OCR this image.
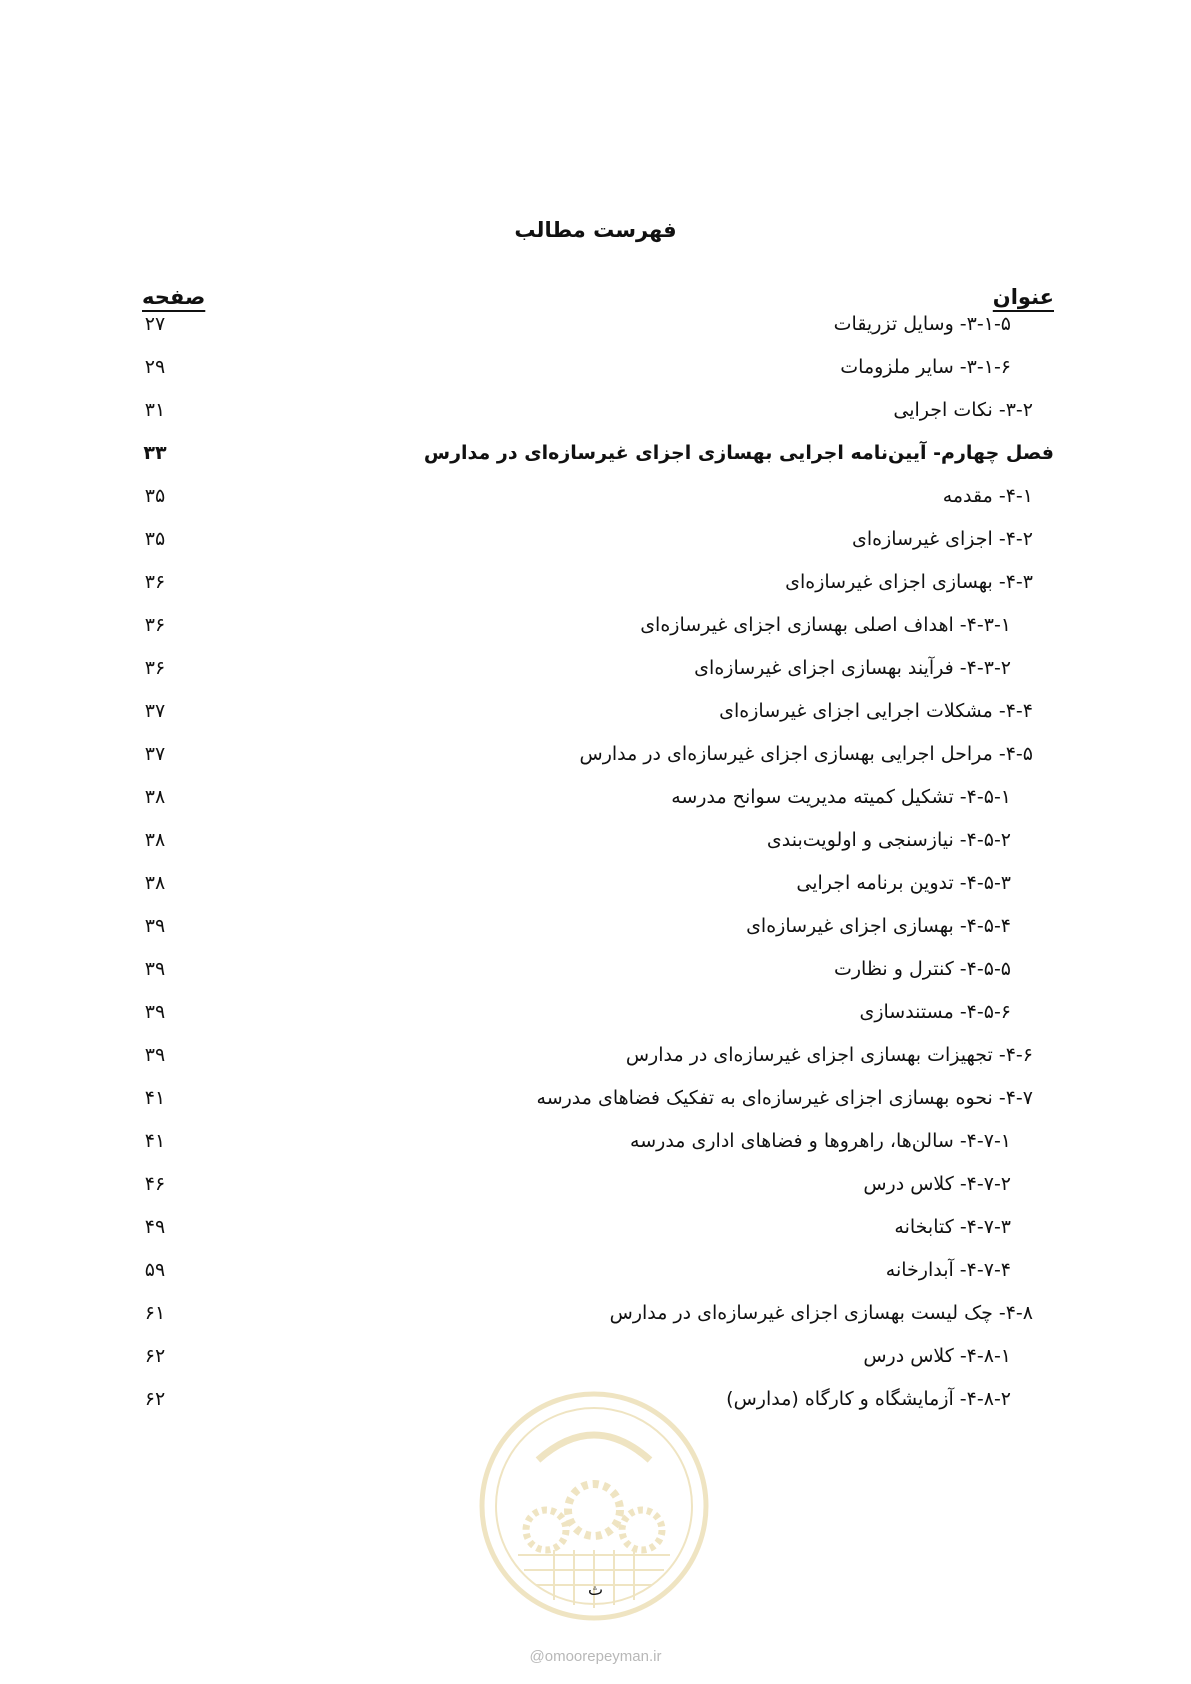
فهرست مطالب
عنوان
صفحه
۳-۱-۵- وسایل تزریقات
۲۷
۳-۱-۶- سایر ملزومات
۲۹
۳-۲- نکات اجرایی
۳۱
فصل چهارم- آیین‌نامه اجرایی بهسازی اجزای غیرسازه‌ای در مدارس
۳۳
۴-۱- مقدمه
۳۵
۴-۲- اجزای غیرسازه‌ای
۳۵
۴-۳- بهسازی اجزای غیرسازه‌ای
۳۶
۴-۳-۱- اهداف اصلی بهسازی اجزای غیرسازه‌ای
۳۶
۴-۳-۲- فرآیند بهسازی اجزای غیرسازه‌ای
۳۶
۴-۴- مشکلات اجرایی اجزای غیرسازه‌ای
۳۷
۴-۵- مراحل اجرایی بهسازی اجزای غیرسازه‌ای در مدارس
۳۷
۴-۵-۱- تشکیل کمیته مدیریت سوانح مدرسه
۳۸
۴-۵-۲- نیازسنجی و اولویت‌بندی
۳۸
۴-۵-۳- تدوین برنامه اجرایی
۳۸
۴-۵-۴- بهسازی اجزای غیرسازه‌ای
۳۹
۴-۵-۵- کنترل و نظارت
۳۹
۴-۵-۶- مستندسازی
۳۹
۴-۶- تجهیزات بهسازی اجزای غیرسازه‌ای در مدارس
۳۹
۴-۷- نحوه بهسازی اجزای غیرسازه‌ای به تفکیک فضاهای مدرسه
۴۱
۴-۷-۱- سالن‌ها، راهروها و فضاهای اداری مدرسه
۴۱
۴-۷-۲- کلاس درس
۴۶
۴-۷-۳- کتابخانه
۴۹
۴-۷-۴- آبدارخانه
۵۹
۴-۸- چک لیست بهسازی اجزای غیرسازه‌ای در مدارس
۶۱
۴-۸-۱- کلاس درس
۶۲
۴-۸-۲- آزمایشگاه و کارگاه (مدارس)
۶۲
ث
@omoorepeyman.ir
